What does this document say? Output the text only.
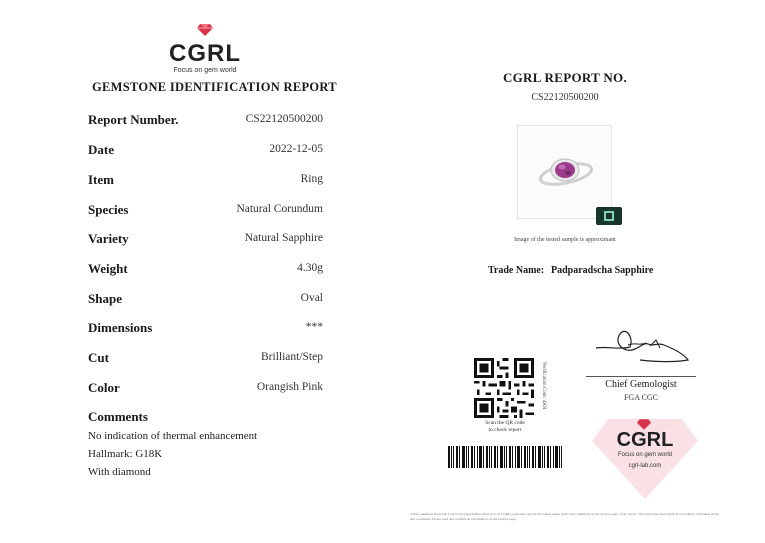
CGRL
Focus on gem world
GEMSTONE IDENTIFICATION REPORT
Report Number.	CS22120500200
Date	2022-12-05
Item	Ring
Species	Natural Corundum
Variety	Natural Sapphire
Weight	4.30g
Shape	Oval
Dimensions	***
Cut	Brilliant/Step
Color	Orangish Pink
Comments
No indication of thermal enhancement
Hallmark: G18K
With diamond
CGRL REPORT NO.
CS22120500200
Image of the tested sample is approximant
Trade Name: Padparadscha Sapphire
Chief Gemologist
FGA CGC
CGRL
Focus on gem world
cgrl-lab.com
Verification Code: 4KR
Scan the QR code
to check report
China Gemstone Research Laboratory (hereinafter referred to as CGRL) gemstone reports are issued under terms and conditions on the reverse page of the report. This report has been made in accordance with these terms and conditions. Please read and confirm all information on the reverse page.
